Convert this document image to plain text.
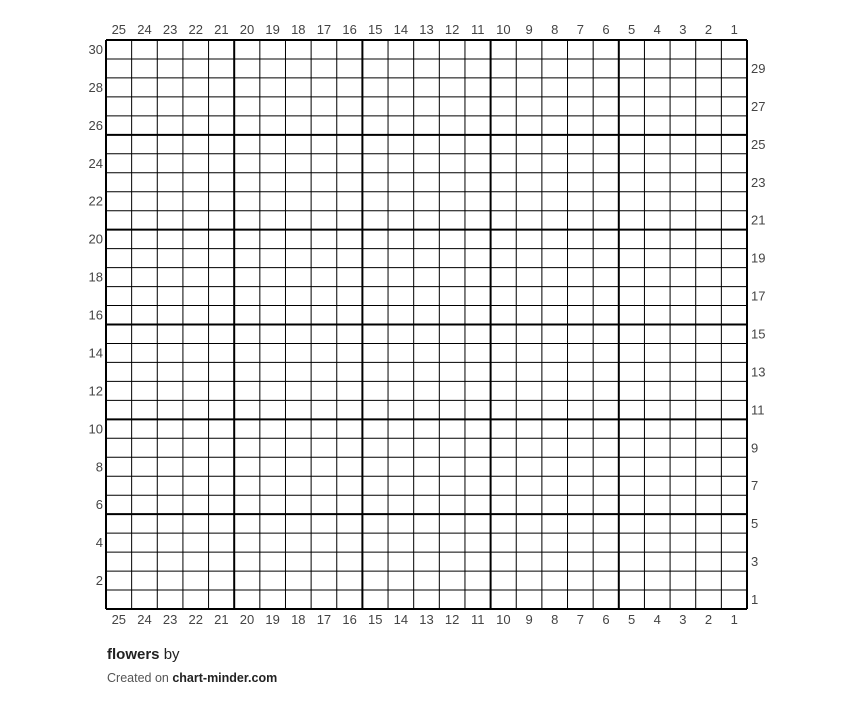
25
25
24
24
23
23
22
22
21
21
20
20
19
19
18
18
17
17
16
16
15
15
14
14
13
13
12
12
11
11
10
10
9
9
8
8
7
7
6
6
5
5
4
4
3
3
2
2
1
1
1
2
3
4
5
6
7
8
9
10
11
12
13
14
15
16
17
18
19
20
21
22
23
24
25
26
27
28
29
30
flowers by
Created on chart-minder.com
